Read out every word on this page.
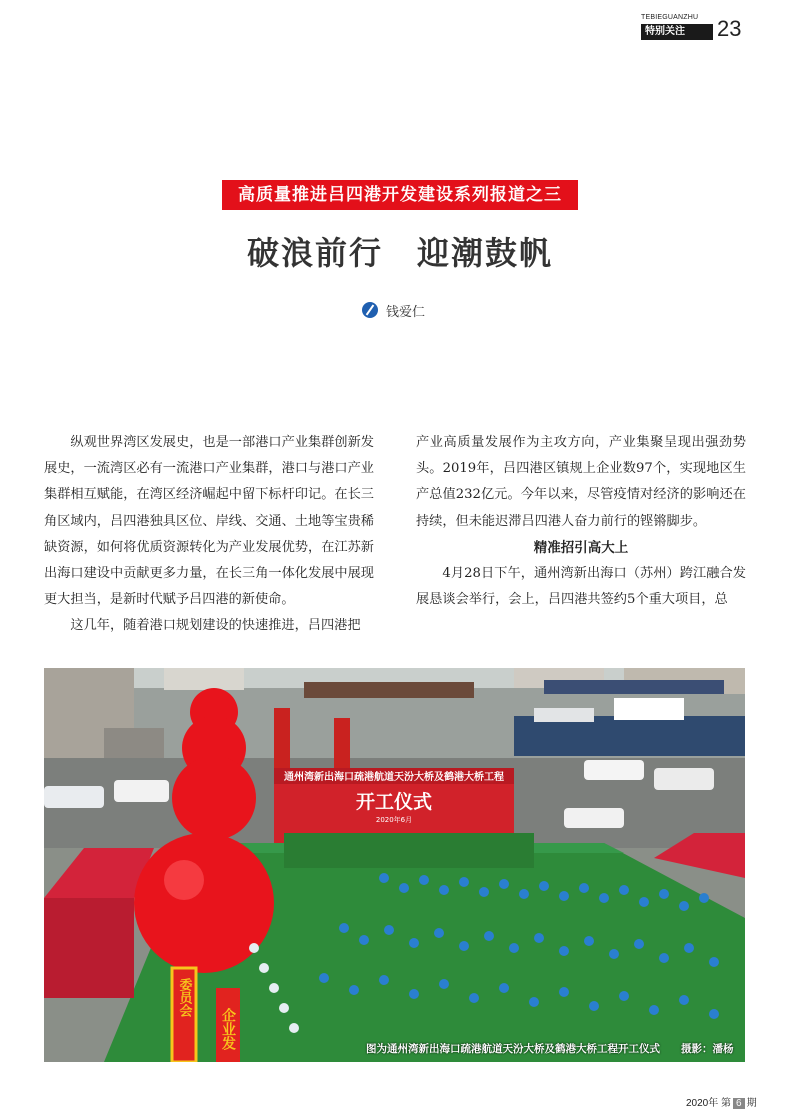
TEBIEGUANZHU
特别关注	23
高质量推进吕四港开发建设系列报道之三
破浪前行　迎潮鼓帆
钱爱仁

纵观世界湾区发展史，也是一部港口产业集群创新发展史，一流湾区必有一流港口产业集群，港口与港口产业集群相互赋能，在湾区经济崛起中留下标杆印记。在长三角区域内，吕四港独具区位、岸线、交通、土地等宝贵稀缺资源，如何将优质资源转化为产业发展优势，在江苏新出海口建设中贡献更多力量，在长三角一体化发展中展现更大担当，是新时代赋予吕四港的新使命。

这几年，随着港口规划建设的快速推进，吕四港把

产业高质量发展作为主攻方向，产业集聚呈现出强劲势头。2019年，吕四港区镇规上企业数97个，实现地区生产总值232亿元。今年以来，尽管疫情对经济的影响还在持续，但未能迟滞吕四港人奋力前行的铿锵脚步。

精准招引高大上

4月28日下午，通州湾新出海口（苏州）跨江融合发展恳谈会举行，会上，吕四港共签约5个重大项目，总

通州湾新出海口疏港航道天汾大桥及鹤港大桥工程
开工仪式
2020年6月
企业发
委员会
图为通州湾新出海口疏港航道天汾大桥及鹤港大桥工程开工仪式　　摄影：潘杨
2020年 第 6 期
